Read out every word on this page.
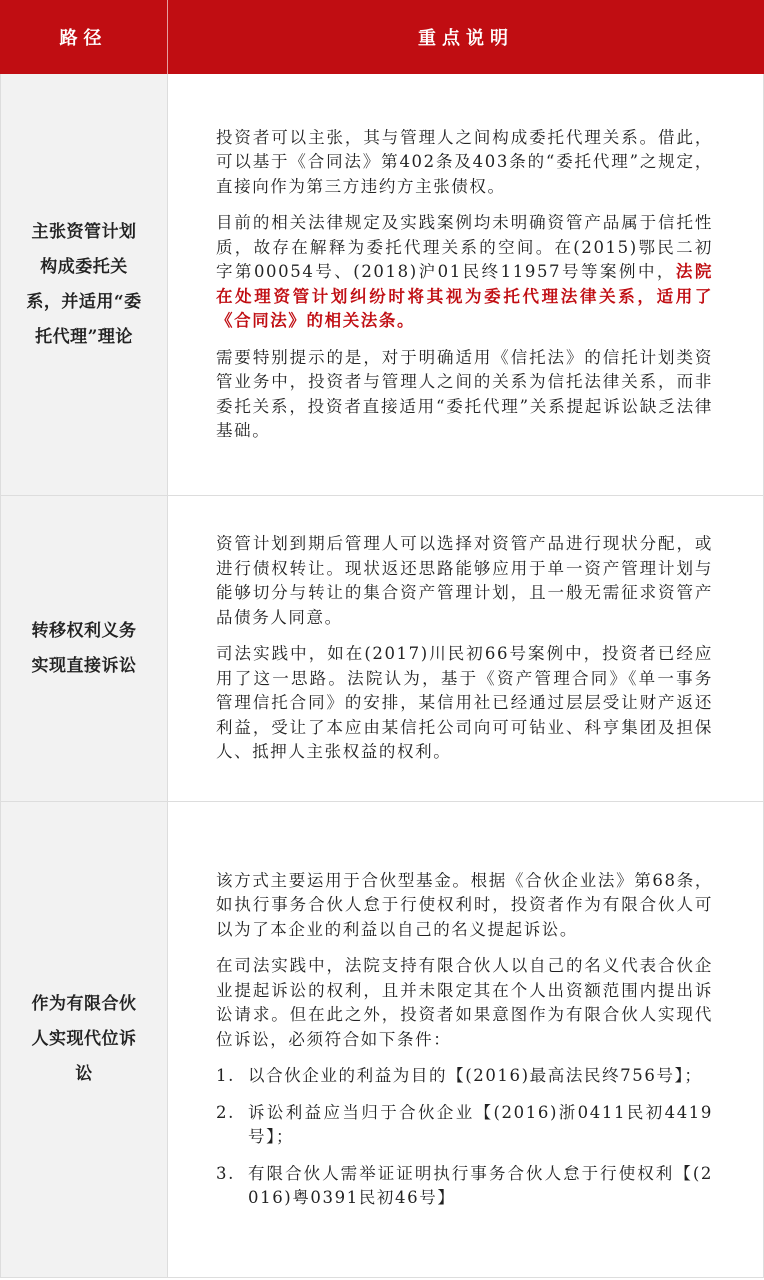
路径	重点说明
主张资管计划构成委托关系，并适用“委托代理”理论

投资者可以主张，其与管理人之间构成委托代理关系。借此，可以基于《合同法》第402条及403条的“委托代理”之规定，直接向作为第三方违约方主张债权。

目前的相关法律规定及实践案例均未明确资管产品属于信托性质，故存在解释为委托代理关系的空间。在(2015)鄂民二初字第00054号、(2018)沪01民终11957号等案例中，法院在处理资管计划纠纷时将其视为委托代理法律关系，适用了《合同法》的相关法条。

需要特别提示的是，对于明确适用《信托法》的信托计划类资管业务中，投资者与管理人之间的关系为信托法律关系，而非委托关系，投资者直接适用“委托代理”关系提起诉讼缺乏法律基础。

转移权利义务实现直接诉讼

资管计划到期后管理人可以选择对资管产品进行现状分配，或进行债权转让。现状返还思路能够应用于单一资产管理计划与能够切分与转让的集合资产管理计划，且一般无需征求资管产品债务人同意。

司法实践中，如在(2017)川民初66号案例中，投资者已经应用了这一思路。法院认为，基于《资产管理合同》《单一事务管理信托合同》的安排，某信用社已经通过层层受让财产返还利益，受让了本应由某信托公司向可可钻业、科亨集团及担保人、抵押人主张权益的权利。

作为有限合伙人实现代位诉讼

该方式主要运用于合伙型基金。根据《合伙企业法》第68条，如执行事务合伙人怠于行使权利时，投资者作为有限合伙人可以为了本企业的利益以自己的名义提起诉讼。

在司法实践中，法院支持有限合伙人以自己的名义代表合伙企业提起诉讼的权利，且并未限定其在个人出资额范围内提出诉讼请求。但在此之外，投资者如果意图作为有限合伙人实现代位诉讼，必须符合如下条件：

1. 以合伙企业的利益为目的【(2016)最高法民终756号】；
2. 诉讼利益应当归于合伙企业【(2016)浙0411民初4419号】；
3. 有限合伙人需举证证明执行事务合伙人怠于行使权利【(2016)粤0391民初46号】
